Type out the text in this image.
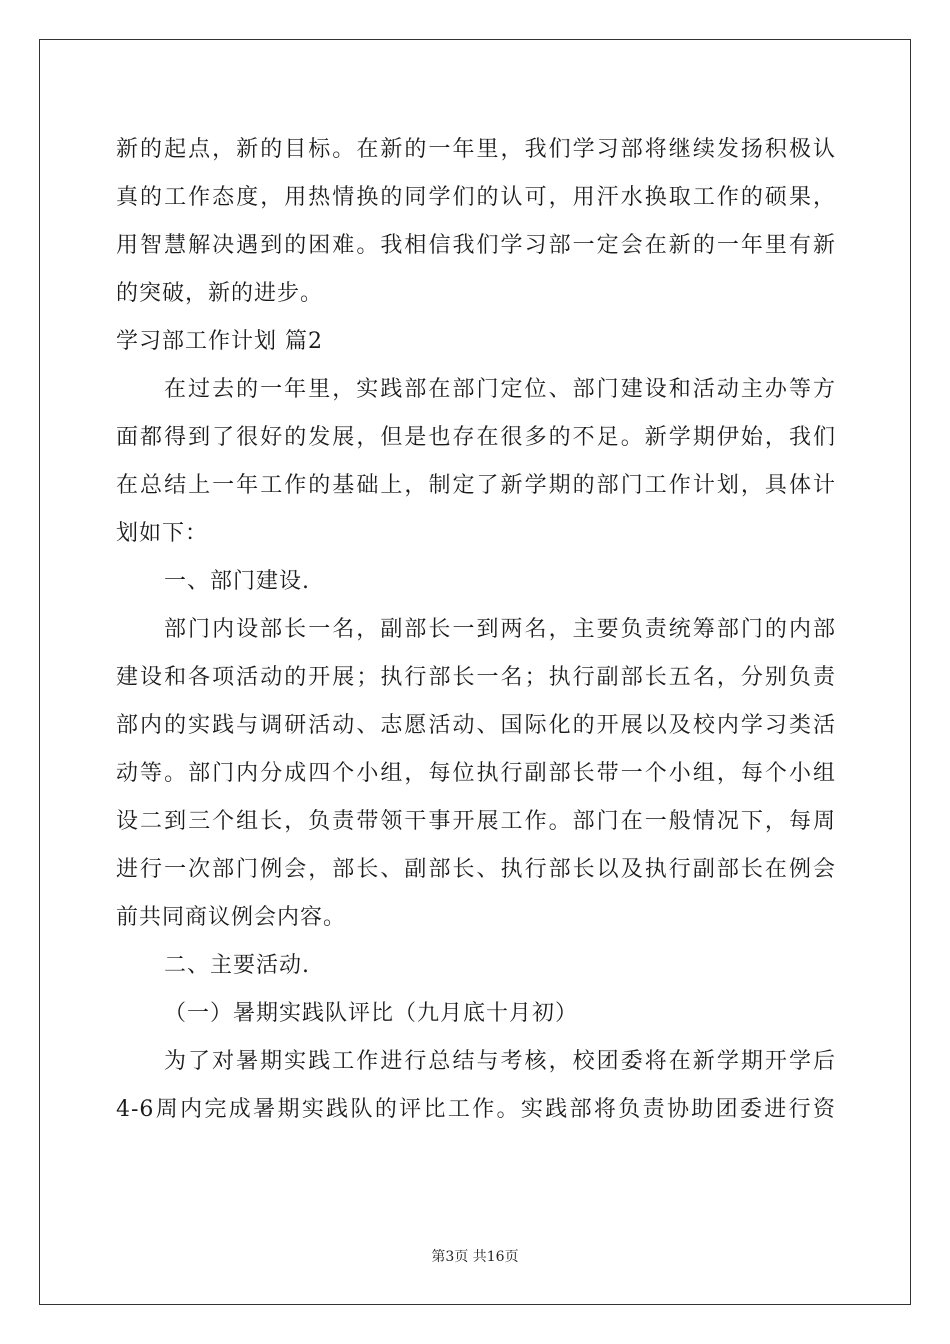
新的起点，新的目标。在新的一年里，我们学习部将继续发扬积极认
真的工作态度，用热情换的同学们的认可，用汗水换取工作的硕果，
用智慧解决遇到的困难。我相信我们学习部一定会在新的一年里有新
的突破，新的进步。
学习部工作计划 篇2
在过去的一年里，实践部在部门定位、部门建设和活动主办等方
面都得到了很好的发展，但是也存在很多的不足。新学期伊始，我们
在总结上一年工作的基础上，制定了新学期的部门工作计划，具体计
划如下：
一、部门建设.
部门内设部长一名，副部长一到两名，主要负责统筹部门的内部
建设和各项活动的开展；执行部长一名；执行副部长五名，分别负责
部内的实践与调研活动、志愿活动、国际化的开展以及校内学习类活
动等。部门内分成四个小组，每位执行副部长带一个小组，每个小组
设二到三个组长，负责带领干事开展工作。部门在一般情况下，每周
进行一次部门例会，部长、副部长、执行部长以及执行副部长在例会
前共同商议例会内容。
二、主要活动.
（一）暑期实践队评比（九月底十月初）
为了对暑期实践工作进行总结与考核，校团委将在新学期开学后
4-6周内完成暑期实践队的评比工作。实践部将负责协助团委进行资
第3页 共16页
